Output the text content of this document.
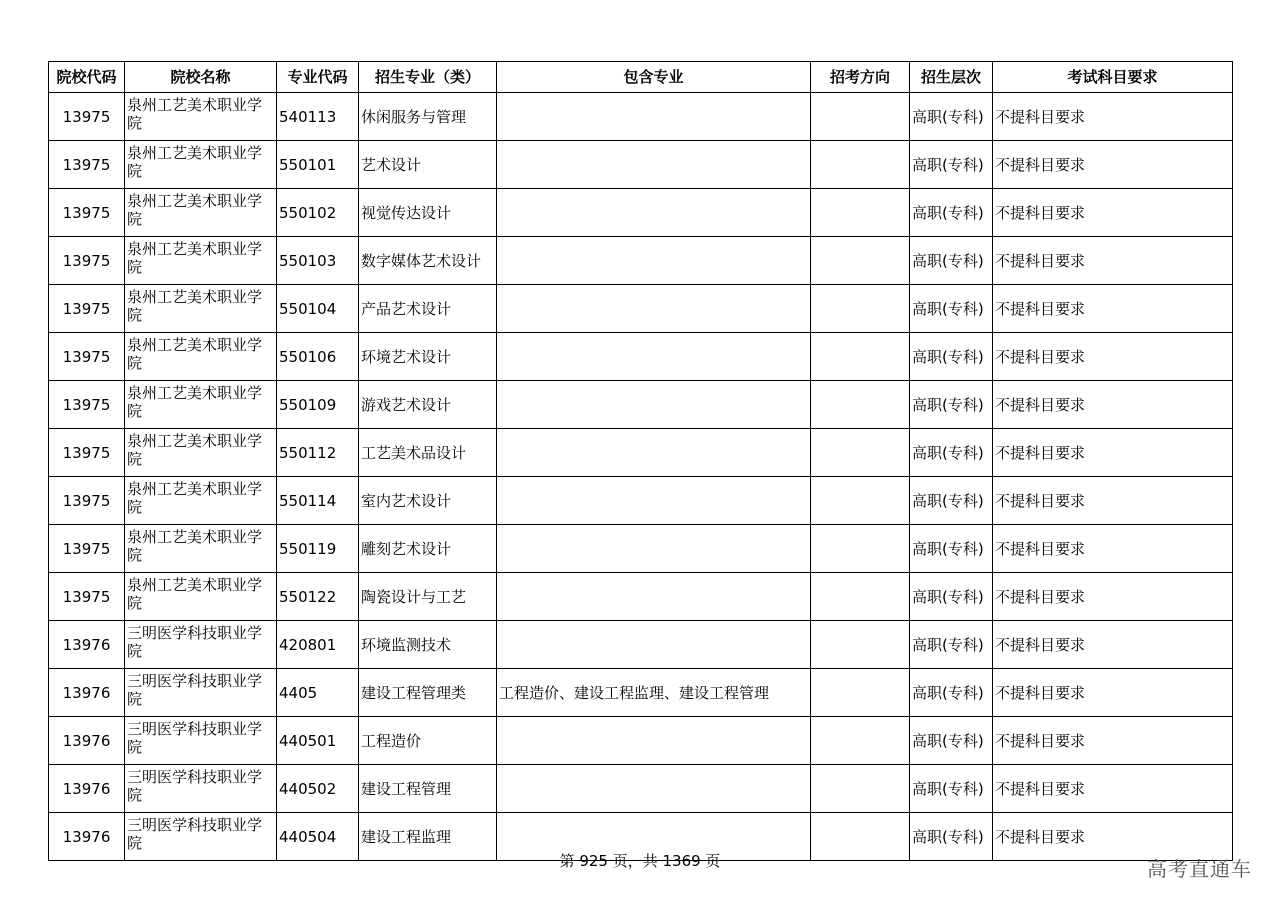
院校代码	院校名称	专业代码	招生专业（类）	包含专业	招考方向	招生层次	考试科目要求
13975	泉州工艺美术职业学院	540113	休闲服务与管理			高职(专科)	不提科目要求
13975	泉州工艺美术职业学院	550101	艺术设计			高职(专科)	不提科目要求
13975	泉州工艺美术职业学院	550102	视觉传达设计			高职(专科)	不提科目要求
13975	泉州工艺美术职业学院	550103	数字媒体艺术设计			高职(专科)	不提科目要求
13975	泉州工艺美术职业学院	550104	产品艺术设计			高职(专科)	不提科目要求
13975	泉州工艺美术职业学院	550106	环境艺术设计			高职(专科)	不提科目要求
13975	泉州工艺美术职业学院	550109	游戏艺术设计			高职(专科)	不提科目要求
13975	泉州工艺美术职业学院	550112	工艺美术品设计			高职(专科)	不提科目要求
13975	泉州工艺美术职业学院	550114	室内艺术设计			高职(专科)	不提科目要求
13975	泉州工艺美术职业学院	550119	雕刻艺术设计			高职(专科)	不提科目要求
13975	泉州工艺美术职业学院	550122	陶瓷设计与工艺			高职(专科)	不提科目要求
13976	三明医学科技职业学院	420801	环境监测技术			高职(专科)	不提科目要求
13976	三明医学科技职业学院	4405	建设工程管理类	工程造价、建设工程监理、建设工程管理		高职(专科)	不提科目要求
13976	三明医学科技职业学院	440501	工程造价			高职(专科)	不提科目要求
13976	三明医学科技职业学院	440502	建设工程管理			高职(专科)	不提科目要求
13976	三明医学科技职业学院	440504	建设工程监理			高职(专科)	不提科目要求
第 925 页，共 1369 页	高考直通车
